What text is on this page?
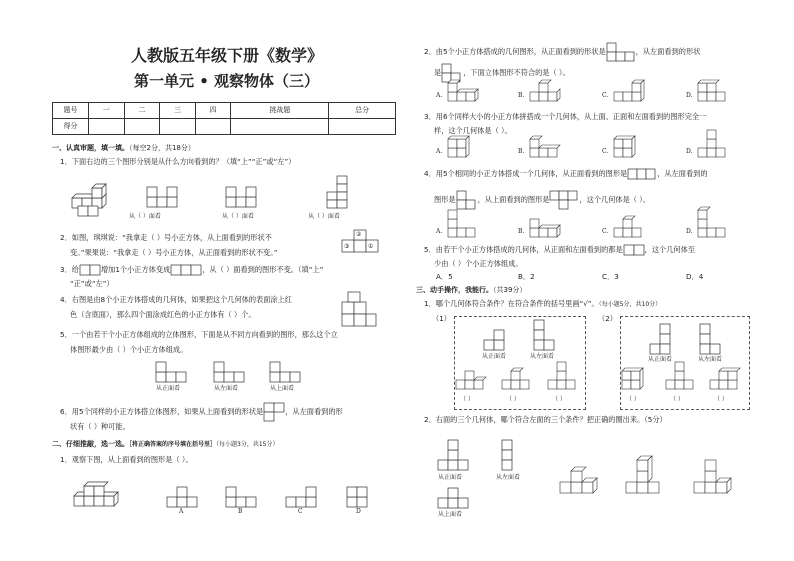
人教版五年级下册《数学》
第一单元 • 观察物体（三）
题号	一	二	三	四	挑战题	总分
得分						
一、认真审题，填一填。（每空2分，共18分）
1．下面右边的三个图形分别是从什么方向看到的？（填“上”“正”或“左”）
从（ ）面看	从（ ）面看	从（ ）面看
2．如图，琪琪说：“我拿走（ ）号小正方体，从上面看到的形状不
变。”果果说：“我拿走（ ）号小正方体，从正面看到的形状不变。”
②
③	①
3．给	增加1个小正方体变成	，从（ ）面看到的图形不变。（填“上”
“正”或“左”）
4．右图是由8个小正方体搭成的几何体，如果把这个几何体的表面涂上红
色（含底面），那么四个面涂成红色的小正方体有（ ）个。
5．一个由若干个小正方体组成的立体图形，下面是从不同方向看到的图形，那么这个立
体图形最少由（ ）个小正方体组成。
从正面看	从左面看	从上面看
6．用5个同样的小正方体搭立体图形，如果从上面看到的形状是	，从左面看到的形
状有（ ）种可能。
二、仔细推敲，选一选。［将正确答案的序号填在括号里］（每小题3分，共15分）
1．观察下图，从上面看到的图形是（ ）。
A	B	C	D
2．由5个小正方体搭成的几何图形，从正面看到的形状是	，从左面看到的形状
是	，下面立体图形不符合的是（ ）。
A.	B.	C.	D.
3．用6个同样大小的小正方体拼搭成一个几何体，从上面、正面和左面看到的图形完全一
样，这个几何体是（ ）。
A.	B.	C.	D.
4．用5个相同的小正方体搭成一个几何体，从正面看到的图形是	，从左面看到的
图形是	，从上面看到的图形是	，这个几何体是（ ）。
A.	B.	C.	D.
5．由若干个小正方体搭成的几何体，从正面和左面看到的都是	，这个几何体至
少由（ ）个小正方体组成。
A．5	B．2	C．3	D．4
三、动手操作，我能行。（共39分）
1．哪个几何体符合条件？在符合条件的括号里画“√”。（每小题5分，共10分）
（1）
从正面看	从左面看
（ ）	（ ）	（ ）
（2）
从正面看	从左面看
（ ）	（ ）	（ ）
2．右面的三个几何体，哪个符合左面的三个条件？把正确的圈出来。（5分）
从正面看	从左面看
从上面看
